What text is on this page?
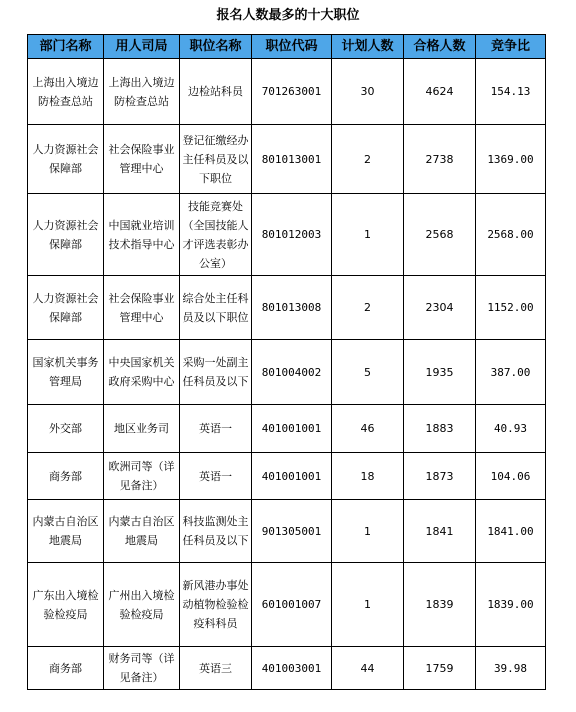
报名人数最多的十大职位
部门名称	用人司局	职位名称	职位代码	计划人数	合格人数	竞争比
上海出入境边防检查总站	上海出入境边防检查总站	边检站科员	701263001	30	4624	154.13
人力资源社会保障部	社会保险事业管理中心	登记征缴经办主任科员及以下职位	801013001	2	2738	1369.00
人力资源社会保障部	中国就业培训技术指导中心	技能竞赛处（全国技能人才评选表彰办公室）	801012003	1	2568	2568.00
人力资源社会保障部	社会保险事业管理中心	综合处主任科员及以下职位	801013008	2	2304	1152.00
国家机关事务管理局	中央国家机关政府采购中心	采购一处副主任科员及以下	801004002	5	1935	387.00
外交部	地区业务司	英语一	401001001	46	1883	40.93
商务部	欧洲司等（详见备注）	英语一	401001001	18	1873	104.06
内蒙古自治区地震局	内蒙古自治区地震局	科技监测处主任科员及以下	901305001	1	1841	1841.00
广东出入境检验检疫局	广州出入境检验检疫局	新风港办事处动植物检验检疫科科员	601001007	1	1839	1839.00
商务部	财务司等（详见备注）	英语三	401003001	44	1759	39.98
